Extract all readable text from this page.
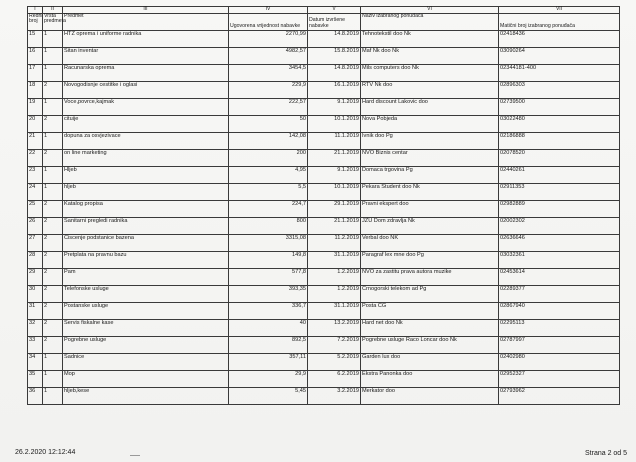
I	II	III	IV	V	VI	VII
Redni broj	Vrsta predmeta	Predmet	Ugovorena vrijednost nabavke	Datum izvršene nabavke	Naziv izabranog ponuđača	Matični broj izabranog ponuđača
15	1	HTZ oprema i uniforme radnika	2270,99	14.8.2019	Tehnotekstil doo Nk	02418436
16	1	Sitan inventar	4982,57	15.8.2019	Maf Nk doo Nk	03090264
17	1	Racunarska oprema	3454,5	14.8.2019	Mils computers doo Nk	02344181-400
18	2	Novogodisnje cestitke i oglasi	229,9	16.1.2019	RTV Nk doo	02896303
19	1	Voce,povrce,kajmak	222,57	9.1.2019	Hard discount Lakovic doo	02739500
20	2	cituije	50	10.1.2019	Nova Pobjeda	03022480
21	1	dopuna za osvjezivace	142,08	11.1.2019	Ivnik doo Pg	02186888
22	2	on line marketing	200	21.1.2019	NVO Biznis centar	02078520
23	1	Hljeb	4,95	9.1.2019	Domaca trgovina Pg	02440261
24	1	hljeb	5,5	10.1.2019	Pekara Student doo Nk	02911353
25	2	Katalog propisa	224,7	29.1.2019	Pravni ekspert doo	02982889
26	2	Sanitarni pregledi radnika	800	21.1.2019	JZU Dom zdravlja Nk	02002302
27	2	Ciscenje podstanice bazena	3315,08	11.2.2019	Verbal doo NK	02636646
28	2	Pretplata na pravnu bazu	149,8	31.1.2019	Paragraf lex mne doo Pg	03032361
29	2	Pam	577,8	1.2.2019	NVO za zastitu prava autora muzike	02453614
30	2	Telefonske usluge	393,35	1.2.2019	Crnogorski telekom ad Pg	02289377
31	2	Postanske usluge	336,7	31.1.2019	Posta CG	02867940
32	2	Servis fiskalne kase	40	13.2.2019	Hard net doo Nk	02295113
33	2	Pogrebne usluge	892,5	7.2.2019	Pogrebne usluge Raco Loncar doo Nk	02787997
34	1	Sadnice	357,11	5.2.2019	Garden lux doo	02402980
35	1	Mop	29,9	6.2.2019	Ekstra Panonka doo	02952327
36	1	hljeb,kese	5,45	3.2.2019	Merkator doo	02793962
26.2.2020 12:12:44	Strana 2 od 5
